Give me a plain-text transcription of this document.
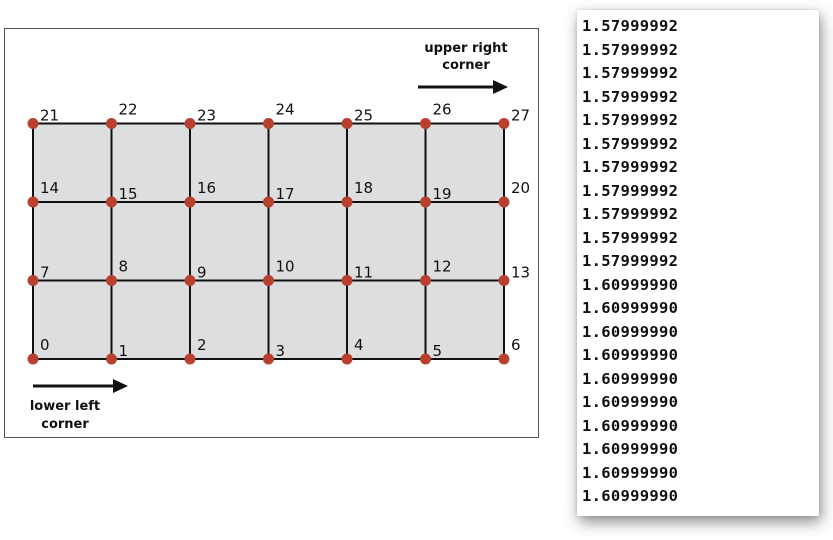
0	1	2	3	4	5	6
7	8	9	10	11	12	13
14	15	16	17	18	19	20
21	22	23	24	25	26	27
upper right
corner
lower left
corner
1.57999992
1.57999992
1.57999992
1.57999992
1.57999992
1.57999992
1.57999992
1.57999992
1.57999992
1.57999992
1.57999992
1.60999990
1.60999990
1.60999990
1.60999990
1.60999990
1.60999990
1.60999990
1.60999990
1.60999990
1.60999990
